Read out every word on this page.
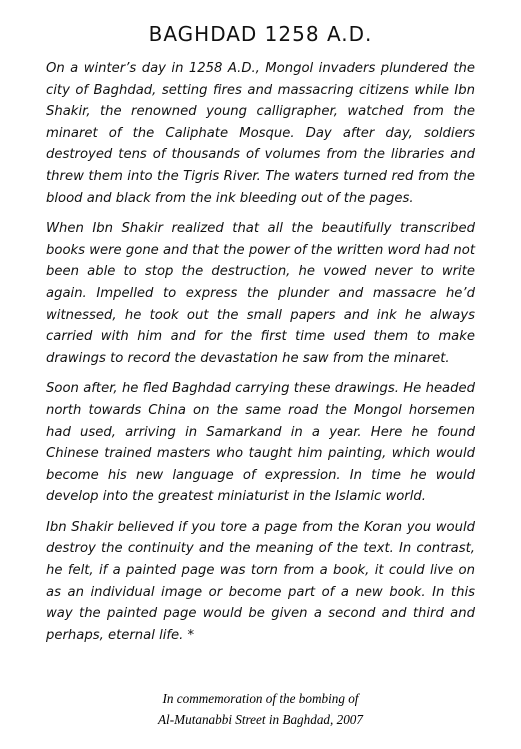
BAGHDAD 1258 A.D.

On a winter’s day in 1258 A.D., Mongol invaders plundered the city of Baghdad, setting fires and massacring citizens while Ibn Shakir, the renowned young calligrapher, watched from the minaret of the Caliphate Mosque. Day after day, soldiers destroyed tens of thousands of volumes from the libraries and threw them into the Tigris River. The waters turned red from the blood and black from the ink bleeding out of the pages.

When Ibn Shakir realized that all the beautifully transcribed books were gone and that the power of the written word had not been able to stop the destruction, he vowed never to write again. Impelled to express the plunder and massacre he’d witnessed, he took out the small papers and ink he always carried with him and for the first time used them to make drawings to record the devastation he saw from the minaret.

Soon after, he fled Baghdad carrying these drawings. He headed north towards China on the same road the Mongol horsemen had used, arriving in Samarkand in a year. Here he found Chinese trained masters who taught him painting, which would become his new language of expression. In time he would develop into the greatest miniaturist in the Islamic world.

Ibn Shakir believed if you tore a page from the Koran you would destroy the continuity and the meaning of the text. In contrast, he felt, if a painted page was torn from a book, it could live on as an individual image or become part of a new book. In this way the painted page would be given a second and third and perhaps, eternal life. *

In commemoration of the bombing of
Al-Mutanabbi Street in Baghdad, 2007
